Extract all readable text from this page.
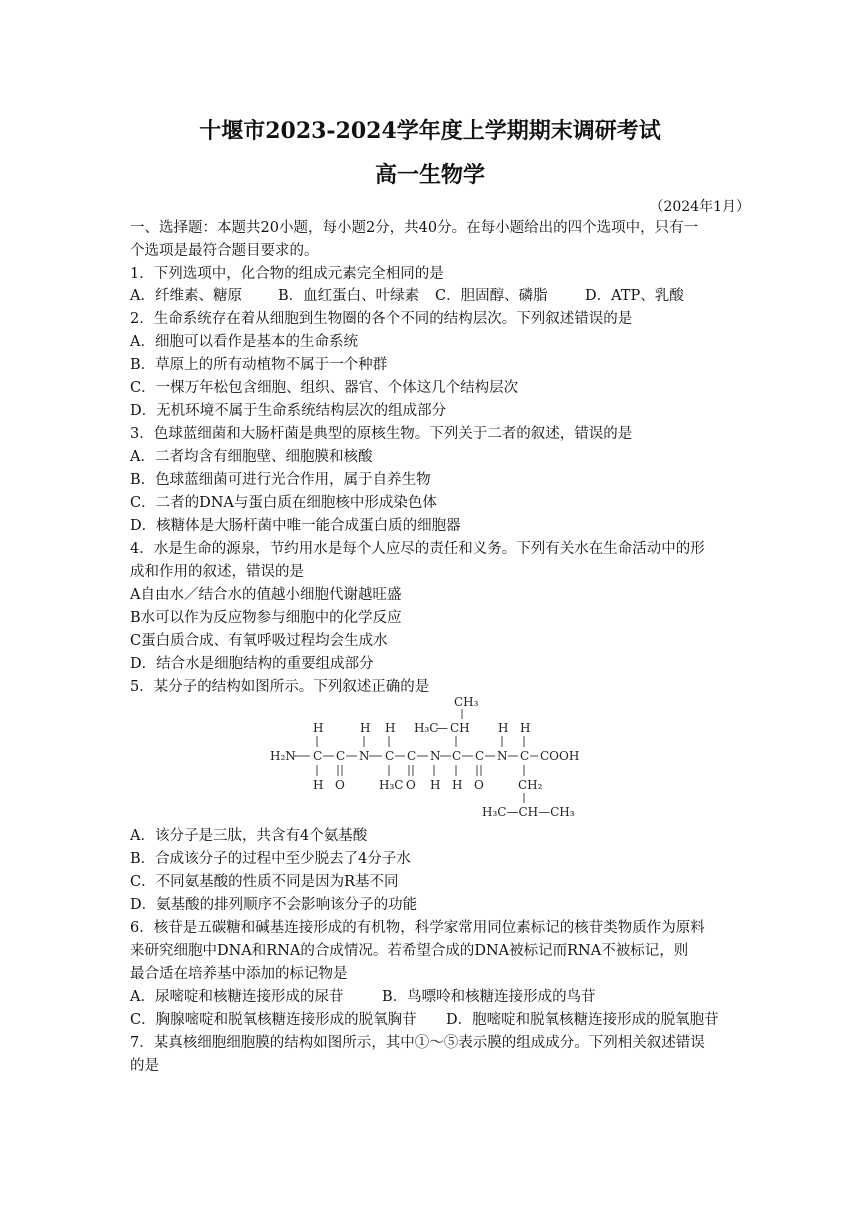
十堰市2023-2024学年度上学期期末调研考试
高一生物学
（2024年1月）
一、选择题：本题共20小题，每小题2分，共40分。在每小题给出的四个选项中，只有一
个选项是最符合题目要求的。
1．下列选项中，化合物的组成元素完全相同的是
A．纤维素、糖原 B．血红蛋白、叶绿素 C．胆固醇、磷脂	D．ATP、乳酸
2．生命系统存在着从细胞到生物圈的各个不同的结构层次。下列叙述错误的是
A．细胞可以看作是基本的生命系统
B．草原上的所有动植物不属于一个种群
C．一棵万年松包含细胞、组织、器官、个体这几个结构层次
D．无机环境不属于生命系统结构层次的组成部分
3．色球蓝细菌和大肠杆菌是典型的原核生物。下列关于二者的叙述，错误的是
A．二者均含有细胞壁、细胞膜和核酸
B．色球蓝细菌可进行光合作用，属于自养生物
C．二者的DNA与蛋白质在细胞核中形成染色体
D．核糖体是大肠杆菌中唯一能合成蛋白质的细胞器
4．水是生命的源泉，节约用水是每个人应尽的责任和义务。下列有关水在生命活动中的形
成和作用的叙述，错误的是
A自由水／结合水的值越小细胞代谢越旺盛
B水可以作为反应物参与细胞中的化学反应
C蛋白质合成、有氧呼吸过程均会生成水
D．结合水是细胞结构的重要组成部分
5．某分子的结构如图所示。下列叙述正确的是
CH₃
H	H H H₃C
— CH H H
H₂N C C N C C N C C N C COOH
H O	H₃C O H H O	CH₂
H₃C—CH—CH₃
A．该分子是三肽，共含有4个氨基酸
B．合成该分子的过程中至少脱去了4分子水
C．不同氨基酸的性质不同是因为R基不同
D．氨基酸的排列顺序不会影响该分子的功能
6．核苷是五碳糖和碱基连接形成的有机物，科学家常用同位素标记的核苷类物质作为原料
来研究细胞中DNA和RNA的合成情况。若希望合成的DNA被标记而RNA不被标记，则
最合适在培养基中添加的标记物是
A．尿嘧啶和核糖连接形成的尿苷	B．鸟嘌呤和核糖连接形成的鸟苷
C．胸腺嘧啶和脱氧核糖连接形成的脱氧胸苷 D．胞嘧啶和脱氧核糖连接形成的脱氧胞苷
7．某真核细胞细胞膜的结构如图所示，其中①～⑤表示膜的组成成分。下列相关叙述错误
的是
